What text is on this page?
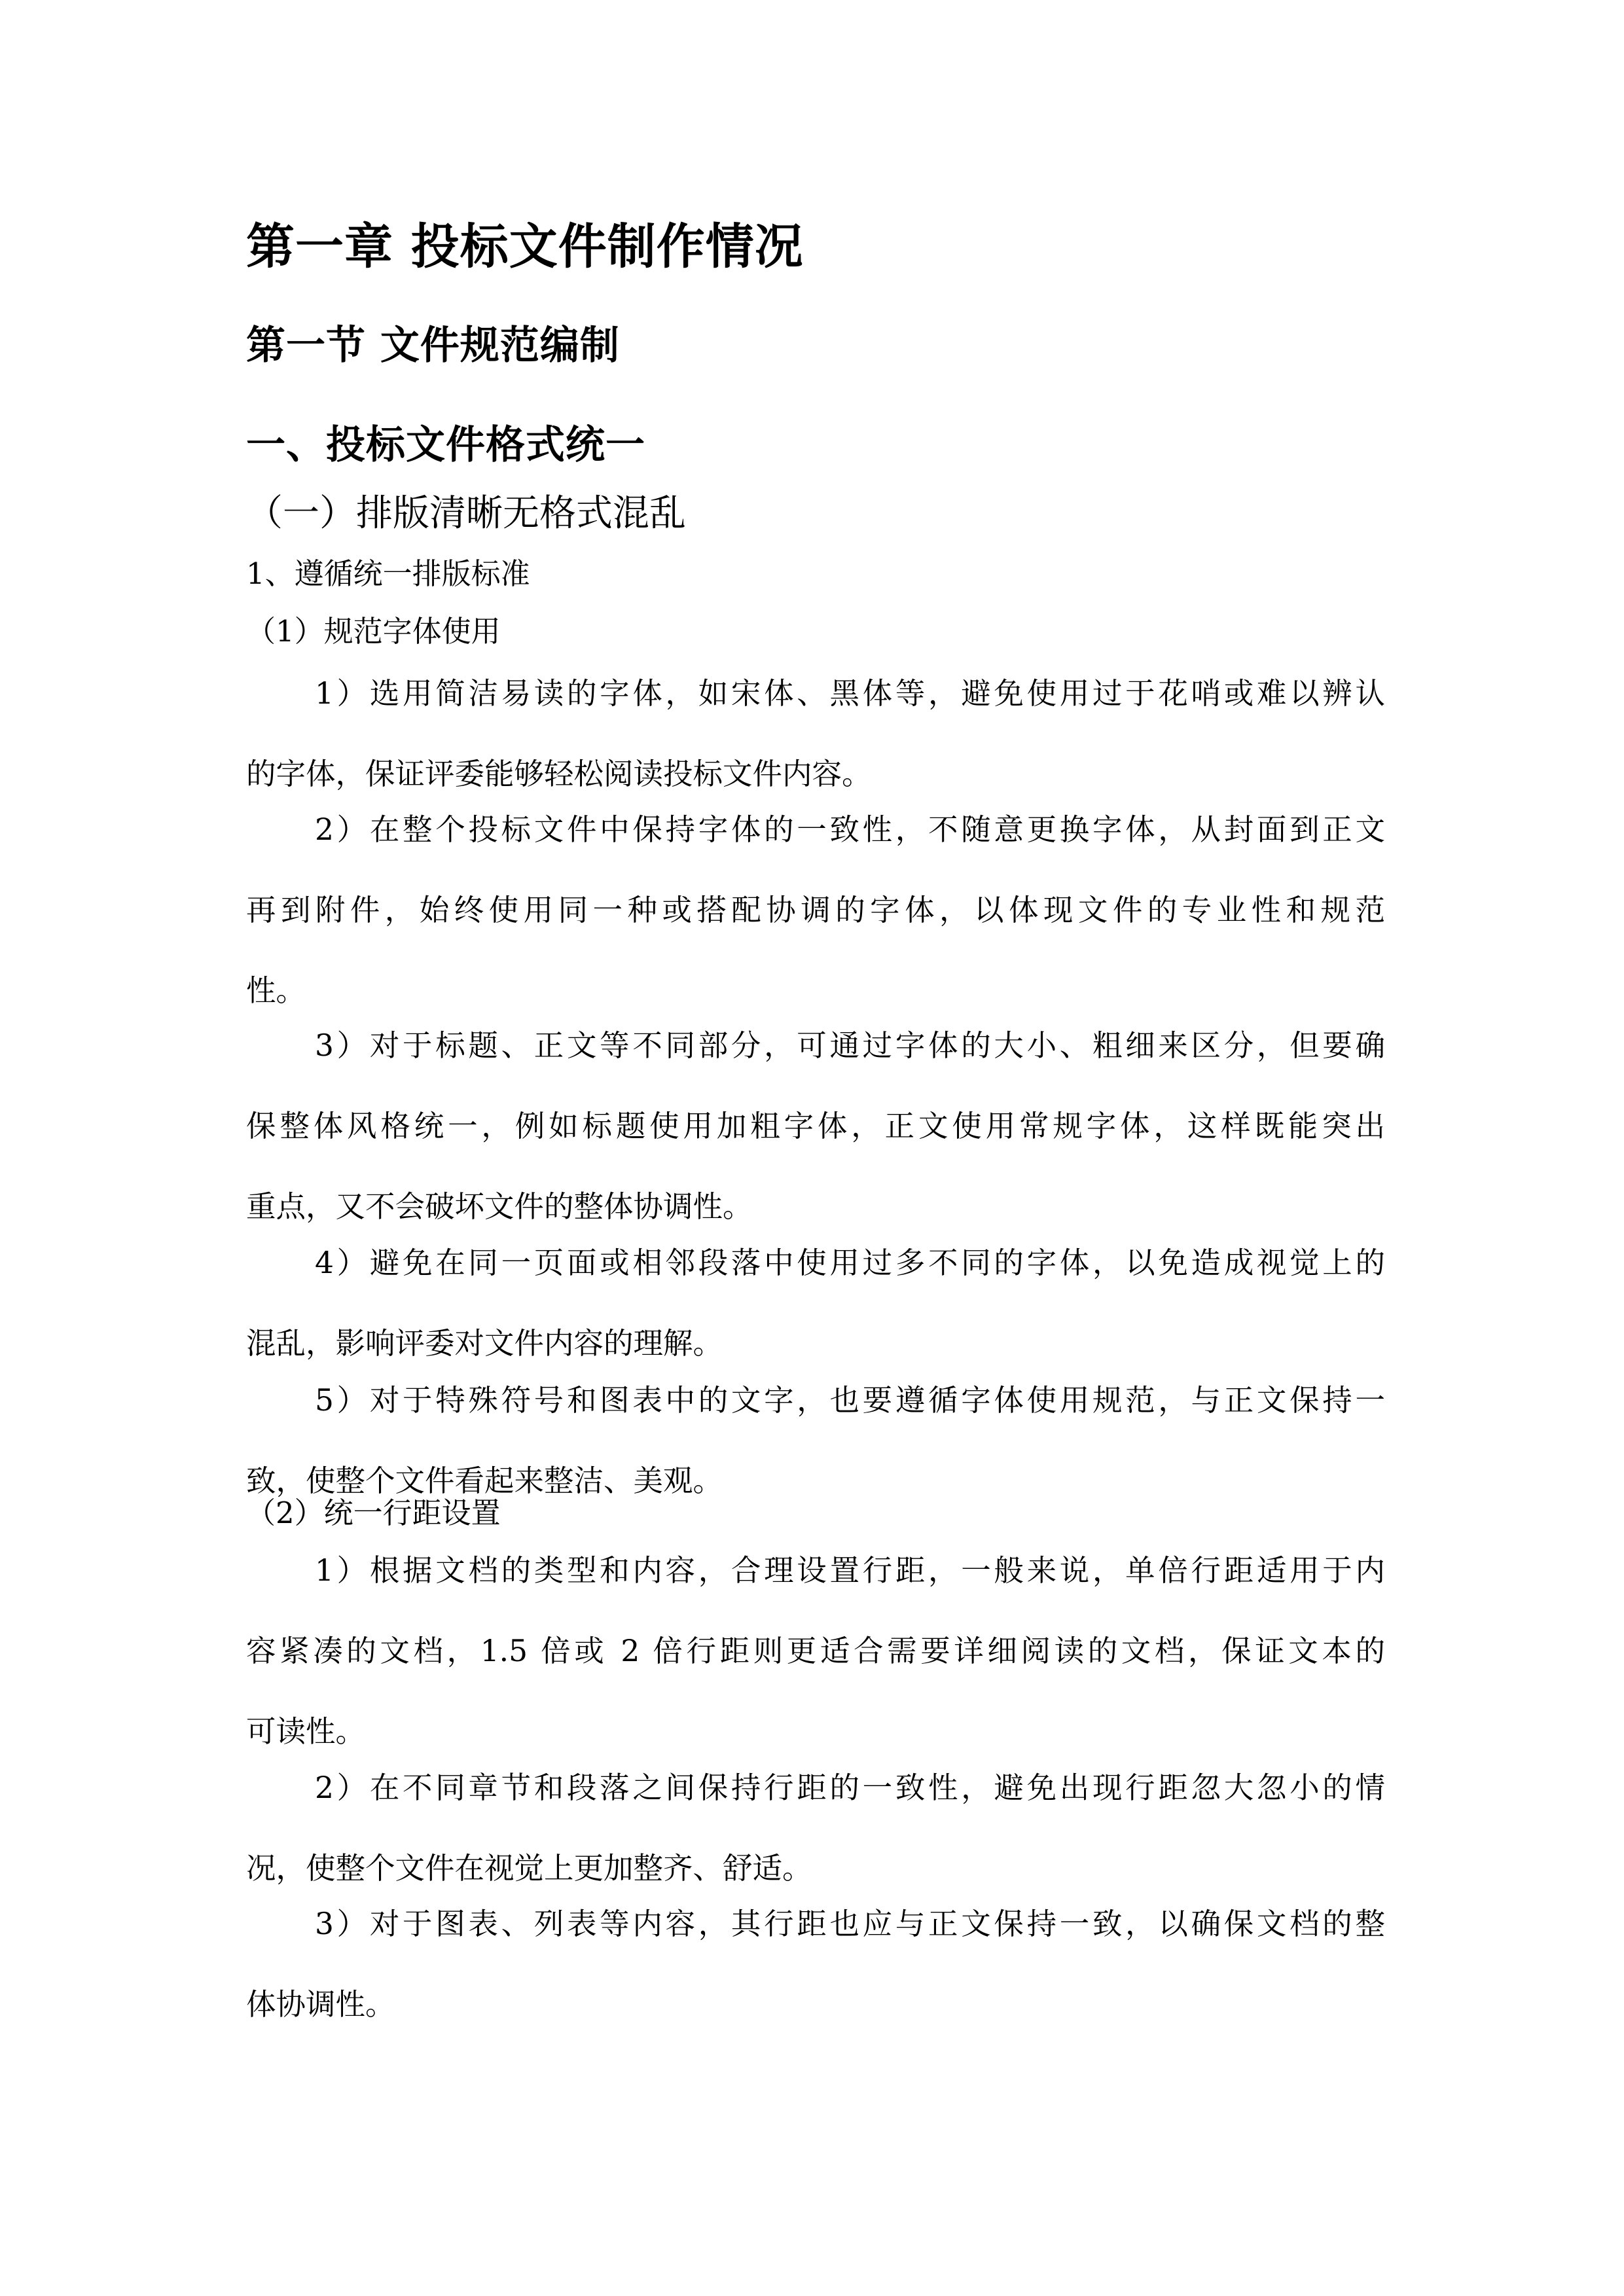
第一章 投标文件制作情况
第一节 文件规范编制
一、投标文件格式统一
（一）排版清晰无格式混乱
1、遵循统一排版标准
（1）规范字体使用
1）选用简洁易读的字体，如宋体、黑体等，避免使用过于花哨或难以辨认
的字体，保证评委能够轻松阅读投标文件内容。
2）在整个投标文件中保持字体的一致性，不随意更换字体，从封面到正文
再到附件，始终使用同一种或搭配协调的字体，以体现文件的专业性和规范
性。
3）对于标题、正文等不同部分，可通过字体的大小、粗细来区分，但要确
保整体风格统一，例如标题使用加粗字体，正文使用常规字体，这样既能突出
重点，又不会破坏文件的整体协调性。
4）避免在同一页面或相邻段落中使用过多不同的字体，以免造成视觉上的
混乱，影响评委对文件内容的理解。
5）对于特殊符号和图表中的文字，也要遵循字体使用规范，与正文保持一
致，使整个文件看起来整洁、美观。
（2）统一行距设置
1）根据文档的类型和内容，合理设置行距，一般来说，单倍行距适用于内
容紧凑的文档，1.5 倍或 2 倍行距则更适合需要详细阅读的文档，保证文本的
可读性。
2）在不同章节和段落之间保持行距的一致性，避免出现行距忽大忽小的情
况，使整个文件在视觉上更加整齐、舒适。
3）对于图表、列表等内容，其行距也应与正文保持一致，以确保文档的整
体协调性。
